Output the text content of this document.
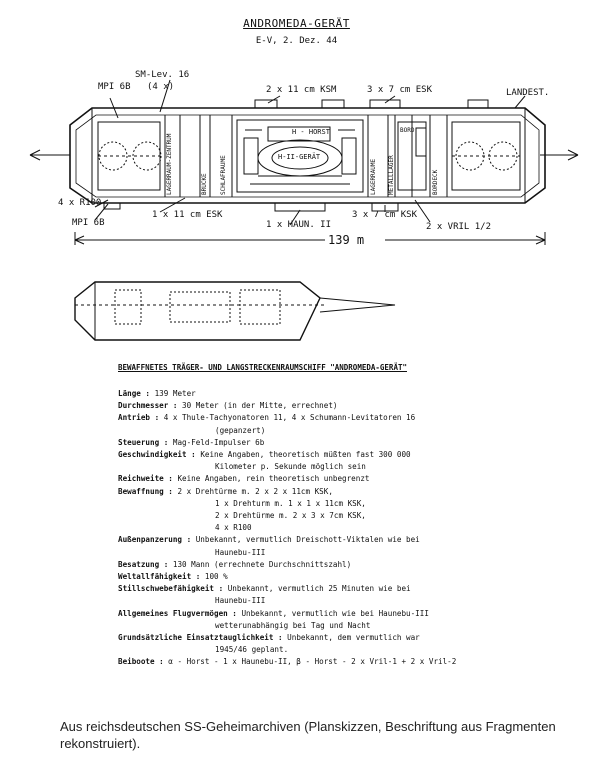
ANDROMEDA-GERÄT
E-V, 2. Dez. 44
SM-Lev. 16
(4 x)
MPI 6B	2 x 11 cm KSM	3 x 7 cm ESK	LANDEST.
H - HORST
H-II-GERÄT
BORD
LAGERRAUM-ZENTRUM	BRÜCKE SCHLAFRÄUME	LAGERRÄUME METALLLAGER	BORDECK
4 x R100
MPI 6B
1 x 11 cm ESK
1 x HAUN. II
3 x 7 cm KSK
2 x VRIL 1/2
139 m
BEWAFFNETES TRÄGER- UND LANGSTRECKENRAUMSCHIFF "ANDROMEDA-GERÄT"
Länge : 139 Meter
Durchmesser : 30 Meter (in der Mitte, errechnet)
Antrieb : 4 x Thule-Tachyonatoren 11, 4 x Schumann-Levitatoren 16
(gepanzert)
Steuerung : Mag-Feld-Impulser 6b
Geschwindigkeit : Keine Angaben, theoretisch müßten fast 300 000
Kilometer p. Sekunde möglich sein
Reichweite : Keine Angaben, rein theoretisch unbegrenzt
Bewaffnung : 2 x Drehtürme m. 2 x 2 x 11cm KSK,
1 x Drehturm m. 1 x 1 x 11cm KSK,
2 x Drehtürme m. 2 x 3 x 7cm KSK,
4 x R100
Außenpanzerung : Unbekannt, vermutlich Dreischott-Viktalen wie bei
Haunebu-III
Besatzung : 130 Mann (errechnete Durchschnittszahl)
Weltallfähigkeit : 100 %
Stillschwebefähigkeit : Unbekannt, vermutlich 25 Minuten wie bei
Haunebu-III
Allgemeines Flugvermögen : Unbekannt, vermutlich wie bei Haunebu-III
wetterunabhängig bei Tag und Nacht
Grundsätzliche Einsatztauglichkeit : Unbekannt, dem vermutlich war
1945/46 geplant.
Beiboote : α - Horst - 1 x Haunebu-II, β - Horst - 2 x Vril-1 + 2 x Vril-2
Aus reichsdeutschen SS-Geheimarchiven (Planskizzen, Beschriftung aus Fragmenten rekonstruiert).
